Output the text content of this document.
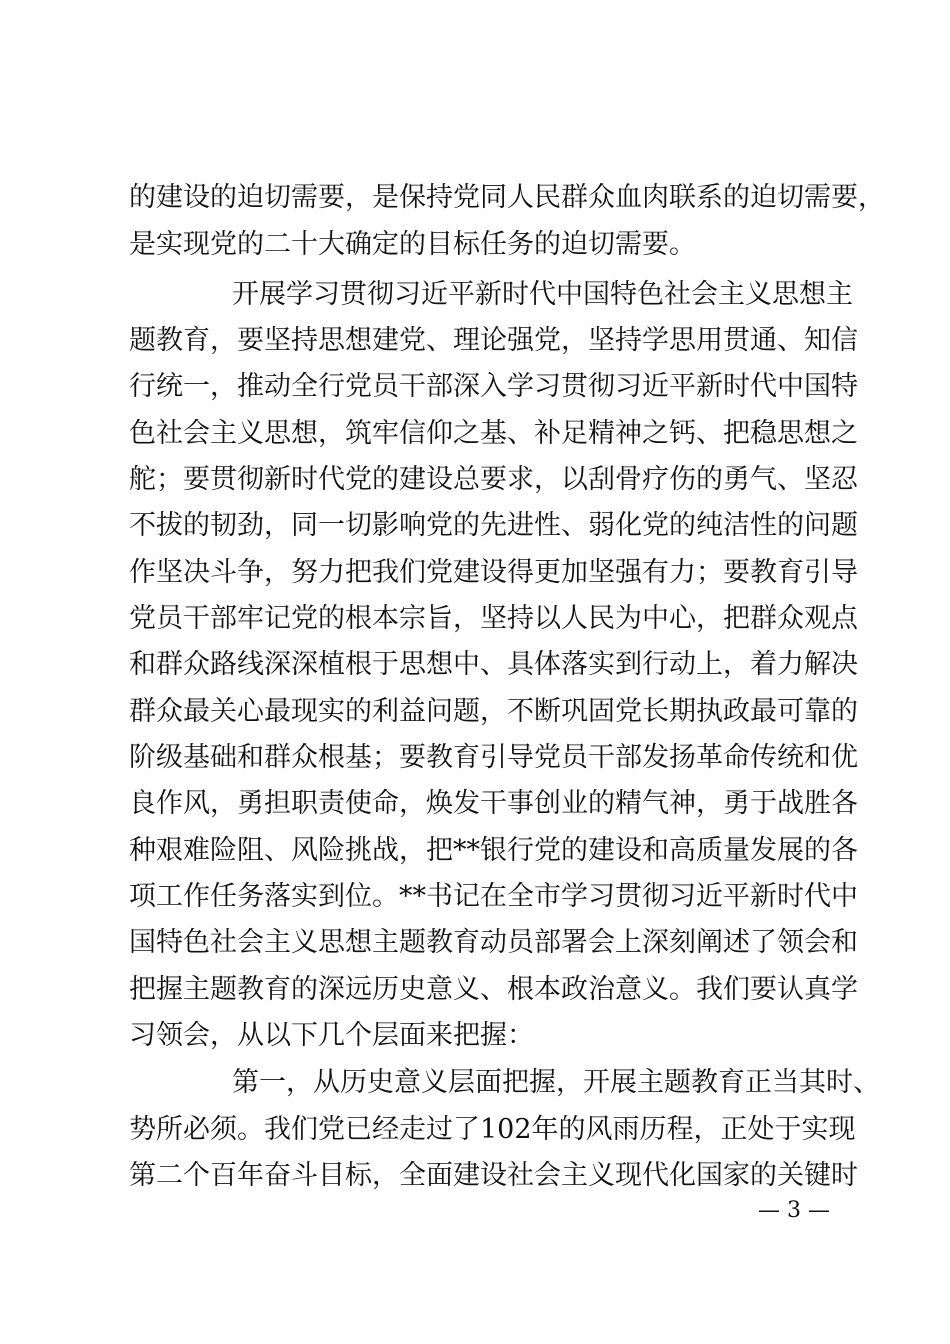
的建设的迫切需要，是保持党同人民群众血肉联系的迫切需要，
是实现党的二十大确定的目标任务的迫切需要。
开展学习贯彻习近平新时代中国特色社会主义思想主
题教育，要坚持思想建党、理论强党，坚持学思用贯通、知信
行统一，推动全行党员干部深入学习贯彻习近平新时代中国特
色社会主义思想，筑牢信仰之基、补足精神之钙、把稳思想之
舵；要贯彻新时代党的建设总要求，以刮骨疗伤的勇气、坚忍
不拔的韧劲，同一切影响党的先进性、弱化党的纯洁性的问题
作坚决斗争，努力把我们党建设得更加坚强有力；要教育引导
党员干部牢记党的根本宗旨，坚持以人民为中心，把群众观点
和群众路线深深植根于思想中、具体落实到行动上，着力解决
群众最关心最现实的利益问题，不断巩固党长期执政最可靠的
阶级基础和群众根基；要教育引导党员干部发扬革命传统和优
良作风，勇担职责使命，焕发干事创业的精气神，勇于战胜各
种艰难险阻、风险挑战，把**银行党的建设和高质量发展的各
项工作任务落实到位。**书记在全市学习贯彻习近平新时代中
国特色社会主义思想主题教育动员部署会上深刻阐述了领会和
把握主题教育的深远历史意义、根本政治意义。我们要认真学
习领会，从以下几个层面来把握：
第一，从历史意义层面把握，开展主题教育正当其时、
势所必须。我们党已经走过了102年的风雨历程，正处于实现
第二个百年奋斗目标，全面建设社会主义现代化国家的关键时
— 3 —
